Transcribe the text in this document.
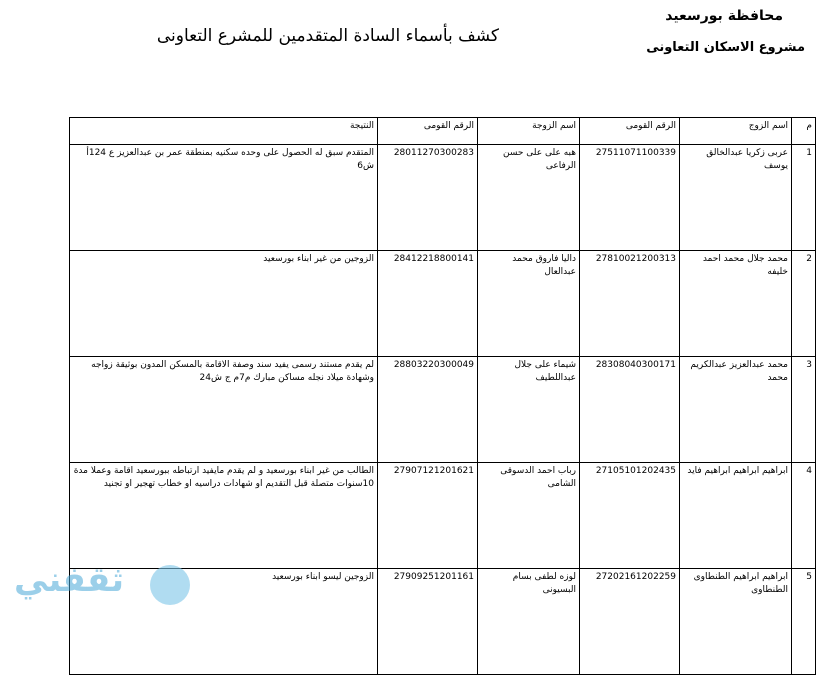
محافظة بورسعيد
مشروع الاسكان التعاونى
كشف بأسماء السادة المتقدمين للمشرع التعاونى
م	اسم الزوج	الرقم القومى	اسم الزوجة	الرقم القومى	النتيجة
1	عربى زكريا عبدالخالق يوسف	27511071100339	هبه على على حسن الرفاعى	28011270300283	المتقدم سبق له الحصول على وحده سكنيه بمنطقة عمر بن عبدالعزيز ع 124أ ش6
2	محمد جلال محمد احمد خليفه	27810021200313	داليا فاروق محمد عبدالعال	28412218800141	الزوجين من غير ابناء بورسعيد
3	محمد عبدالعزيز عبدالكريم محمد	28308040300171	شيماء على جلال عبداللطيف	28803220300049	لم يقدم مستند رسمى يفيد سند وصفة الاقامة بالمسكن المدون بوثيقة زواجه وشهادة ميلاد نجله مساكن مبارك م7م ج ش24
4	ابراهيم ابراهيم ابراهيم فايد	27105101202435	رباب احمد الدسوقى الشامى	27907121201621	الطالب من غير ابناء بورسعيد و لم يقدم مايفيد ارتباطه ببورسعيد اقامة وعملا مدة 10سنوات متصلة قبل التقديم او شهادات دراسيه او خطاب تهجير او تجنيد
5	ابراهيم ابراهيم الطنطاوى الطنطاوى	27202161202259	لوزه لطفى بسام البسيونى	27909251201161	الزوجين ليسو ابناء بورسعيد
ثقفني
